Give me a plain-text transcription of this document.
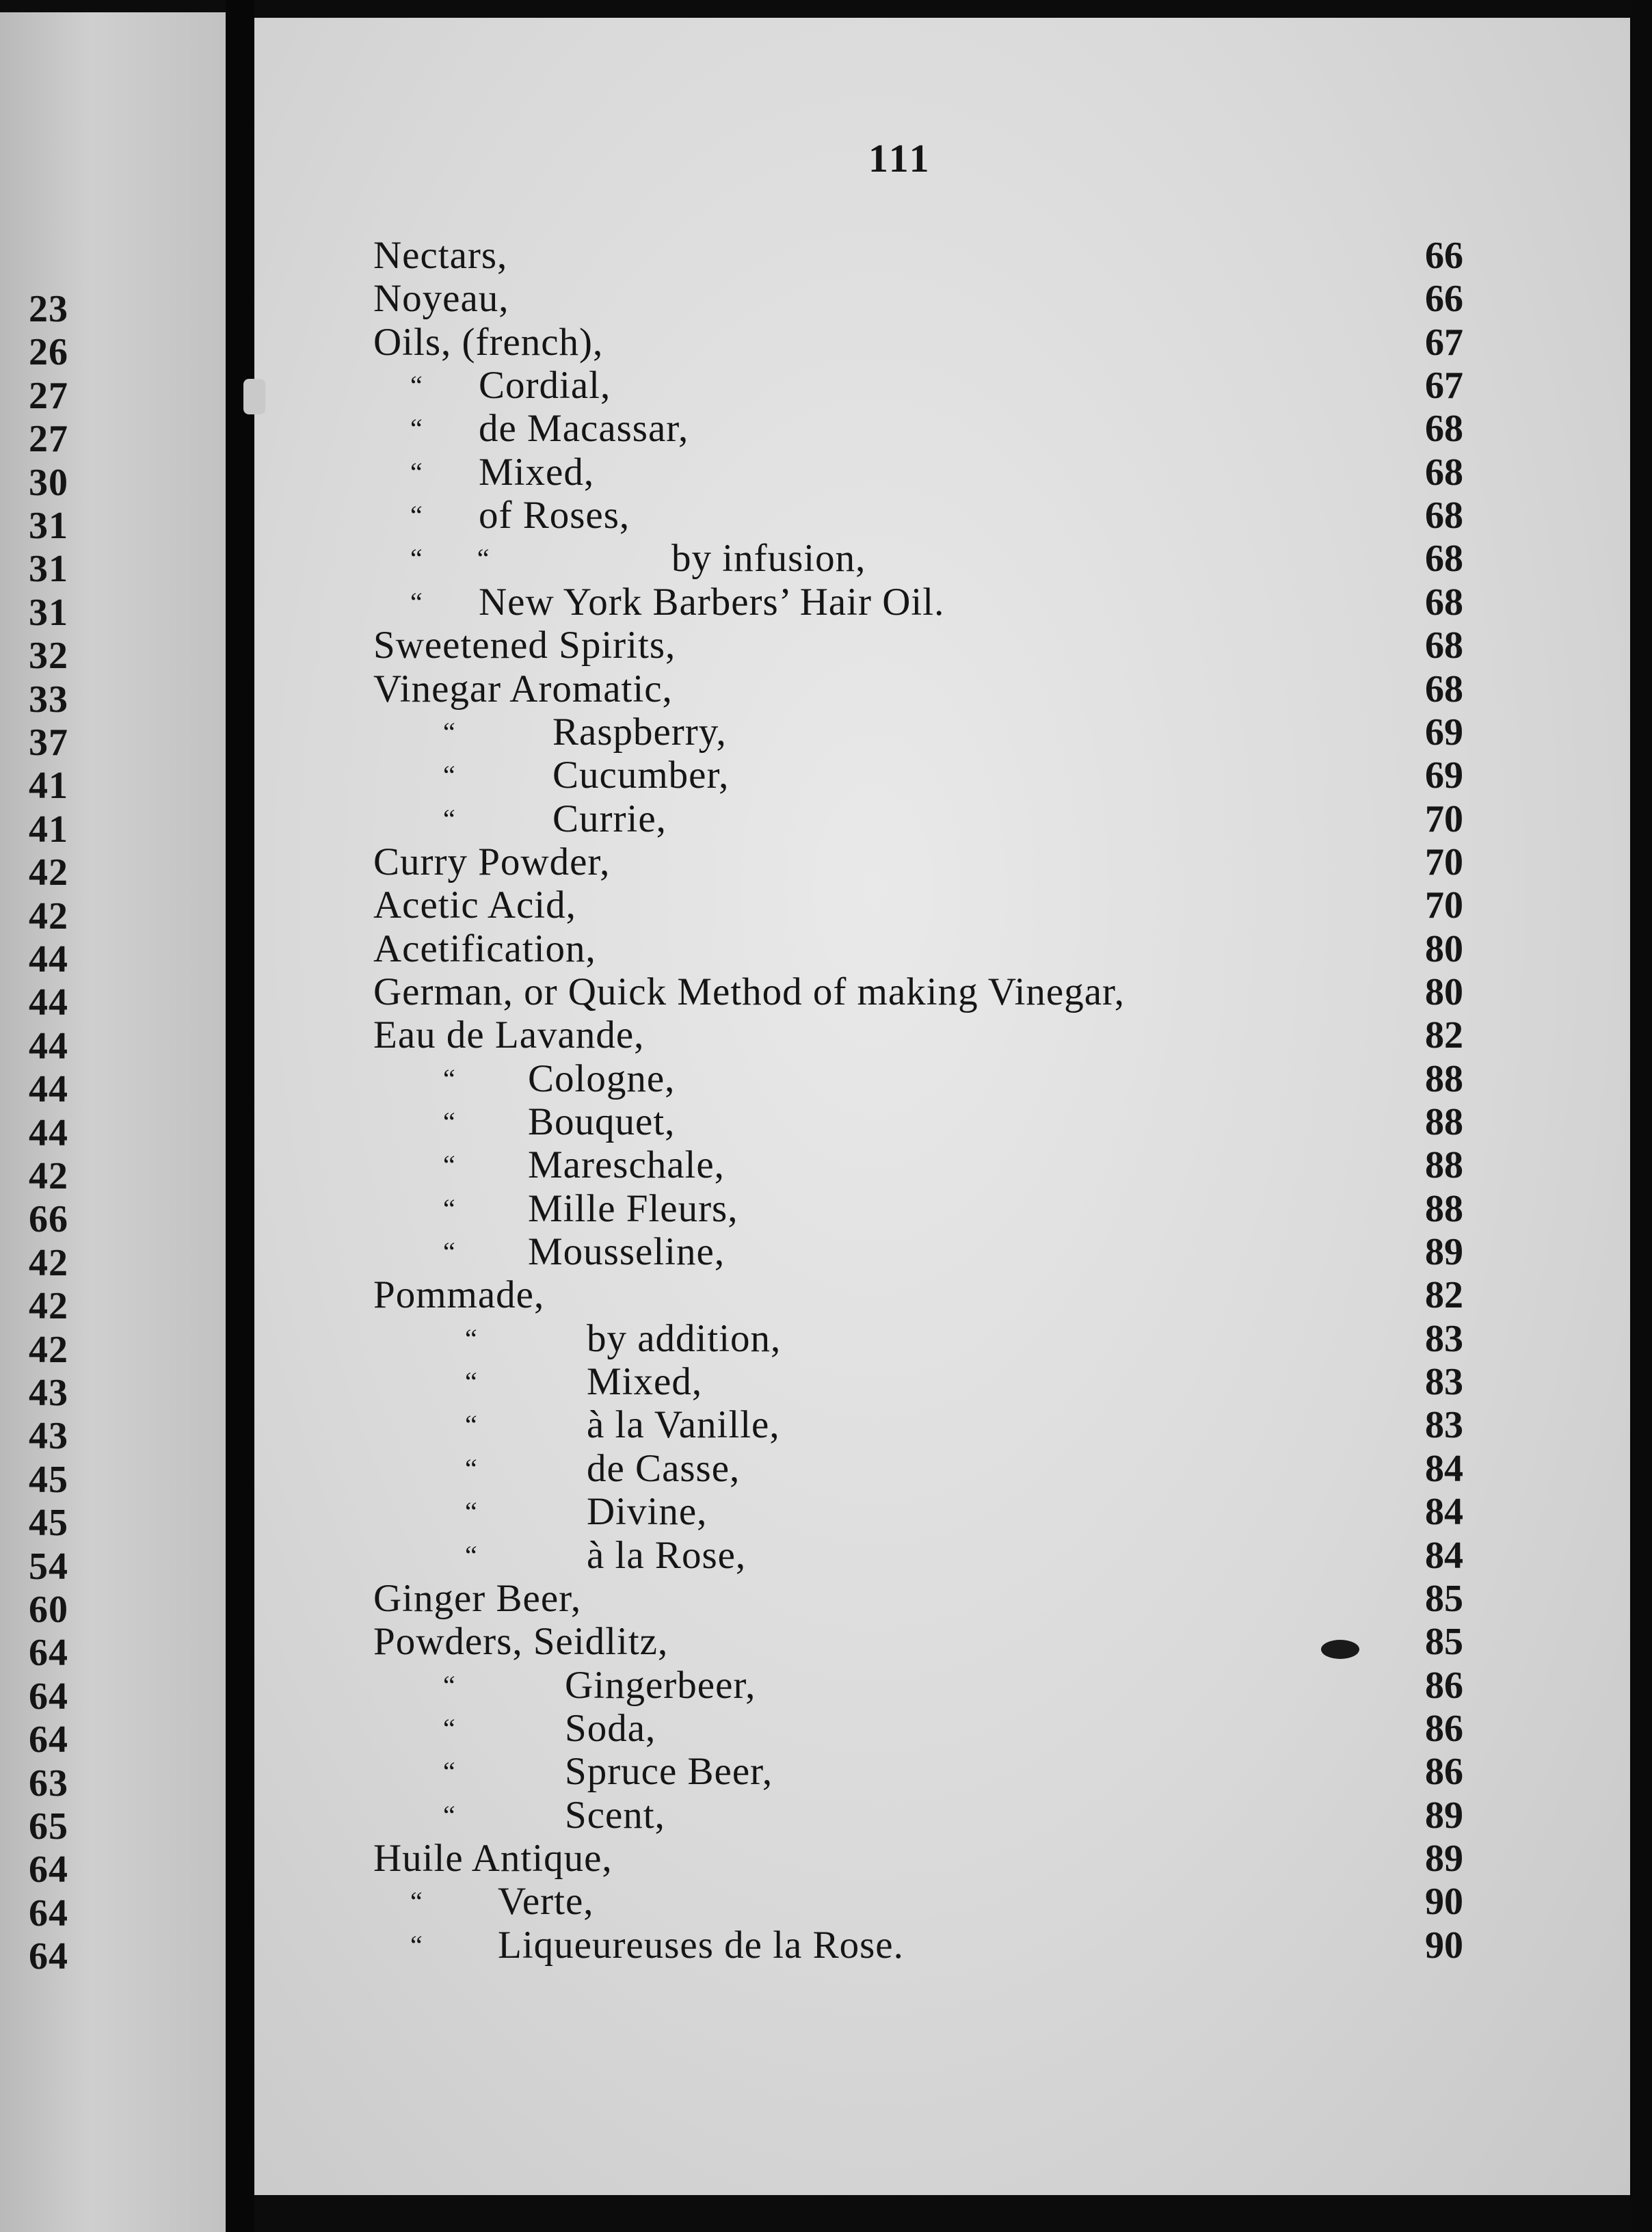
23
26
27
27
30
31
31
31
32
33
37
41
41
42
42
44
44
44
44
44
42
66
42
42
42
43
43
45
45
54
60
64
64
64
63
65
64
64
64
111
Nectars,	66
Noyeau,	66
Oils, (french),	67
“ Cordial,	67
“ de Macassar,	68
“ Mixed,	68
“ of Roses,	68
“        “	by infusion,	68
“ New York Barbers’ Hair Oil.	68
Sweetened Spirits,	68
Vinegar Aromatic,	68
“ Raspberry,	69
“ Cucumber,	69
“ Currie,	70
Curry Powder,	70
Acetic Acid,	70
Acetification,	80
German, or Quick Method of making Vinegar,	80
Eau de Lavande,	82
“ Cologne,	88
“ Bouquet,	88
“ Mareschale,	88
“ Mille Fleurs,	88
“ Mousseline,	89
Pommade,	82
“	by addition,	83
“	Mixed,	83
“	à la Vanille,	83
“	de Casse,	84
“	Divine,	84
“	à la Rose,	84
Ginger Beer,	85
Powders, Seidlitz,	85
“	Gingerbeer,	86
“	Soda,	86
“	Spruce Beer,	86
“	Scent,	89
Huile Antique,	89
“ Verte,	90
“ Liqueureuses de la Rose.	90
